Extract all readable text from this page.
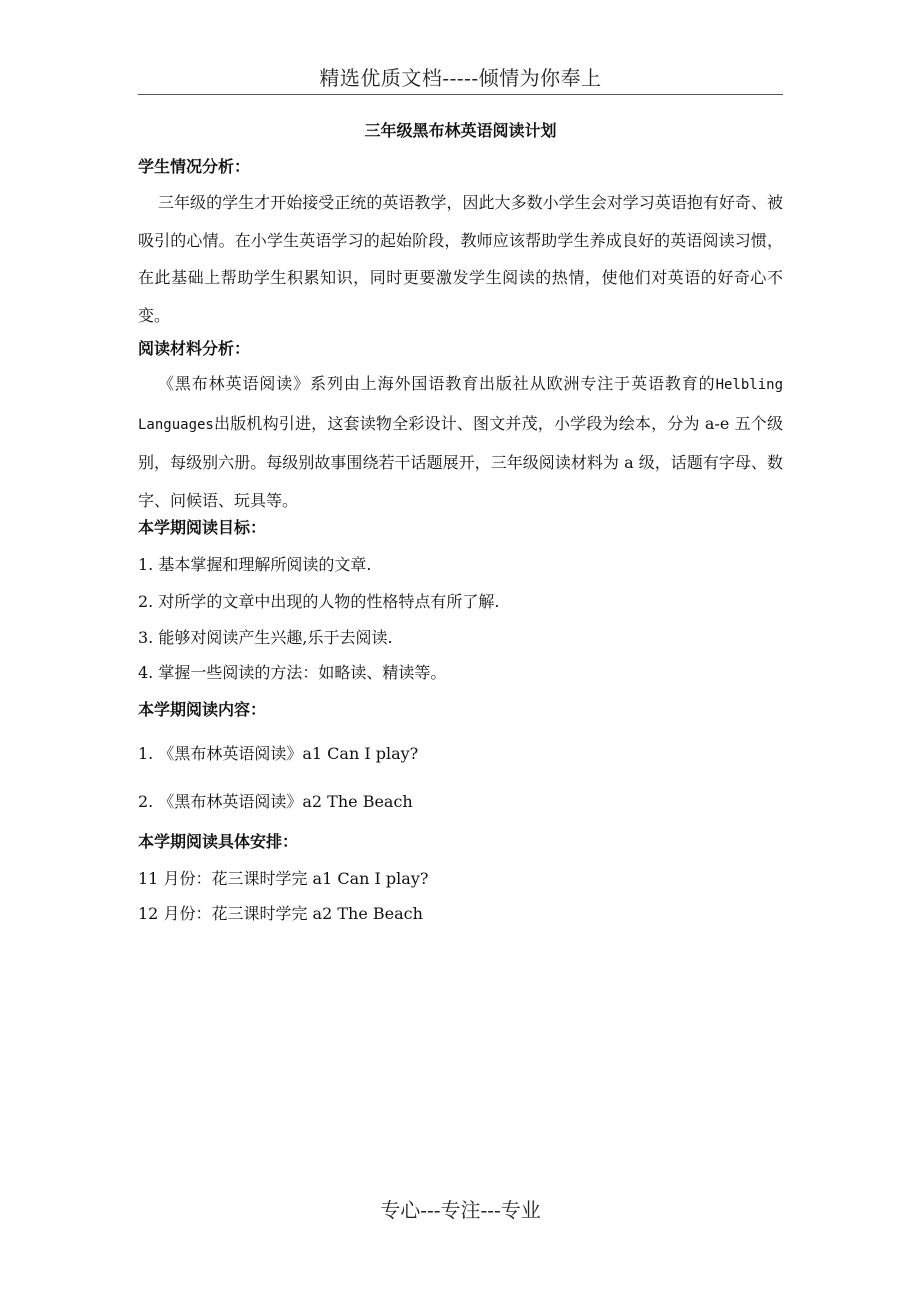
精选优质文档-----倾情为你奉上
三年级黑布林英语阅读计划
学生情况分析：
三年级的学生才开始接受正统的英语教学，因此大多数小学生会对学习英语抱有好奇、被吸引的心情。在小学生英语学习的起始阶段，教师应该帮助学生养成良好的英语阅读习惯，在此基础上帮助学生积累知识，同时更要激发学生阅读的热情，使他们对英语的好奇心不变。
阅读材料分析：
《黑布林英语阅读》系列由上海外国语教育出版社从欧洲专注于英语教育的Helbling Languages出版机构引进，这套读物全彩设计、图文并茂，小学段为绘本，分为 a-e 五个级别，每级别六册。每级别故事围绕若干话题展开，三年级阅读材料为 a 级，话题有字母、数字、问候语、玩具等。
本学期阅读目标：
1. 基本掌握和理解所阅读的文章.
2. 对所学的文章中出现的人物的性格特点有所了解.
3. 能够对阅读产生兴趣,乐于去阅读.
4. 掌握一些阅读的方法：如略读、精读等。
本学期阅读内容：
1. 《黑布林英语阅读》a1 Can I play?
2. 《黑布林英语阅读》a2 The Beach
本学期阅读具体安排：
11 月份：花三课时学完 a1 Can I play?
12 月份：花三课时学完 a2 The Beach
专心---专注---专业
